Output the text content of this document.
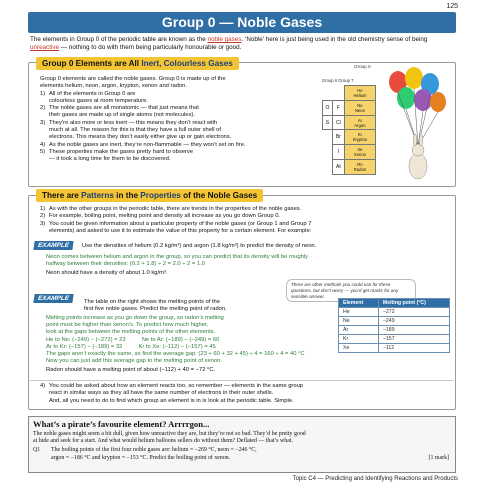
125
Group 0 — Noble Gases
The elements in Group 0 of the periodic table are known as the noble gases. ‘Noble’ here is just being used in the old chemistry sense of being unreactive — nothing to do with them being particularly honourable or good.
Group 0 Elements are All Inert, Colourless Gases
Group 0 elements are called the noble gases. Group 0 is made up of the
elements helium, neon, argon, krypton, xenon and radon.
1) All of the elements in Group 0 are
colourless gases at room temperature.
2) The noble gases are all monatomic — that just means that
their gases are made up of single atoms (not molecules).
3) They’re also more or less inert — this means they don’t react with
much at all. The reason for this is that they have a full outer shell of
electrons. This means they don’t easily either give up or gain electrons.
4) As the noble gases are inert, they’re non-flammable — they won’t set on fire.
5) These properties make the gases pretty hard to observe
— it took a long time for them to be discovered.
Group 0
Group 6 Group 7
		He
Helium
O	F	Ne
Neon
S	Cl	Ar
Argon
	Br	Kr
Krypton
	I	Xe
Xenon
	At	Rn
Radon
There are Patterns in the Properties of the Noble Gases
1) As with the other groups in the periodic table, there are trends in the properties of the noble gases.
2) For example, boiling point, melting point and density all increase as you go down Group 0.
3) You could be given information about a particular property of the noble gases (or Group 1 and Group 7
elements) and asked to use it to estimate the value of this property for a certain element. For example:
EXAMPLE	Use the densities of helium (0.2 kg/m³) and argon (1.8 kg/m³) to predict the density of neon.
Neon comes between helium and argon in the group, so you can predict that its density will be roughly
halfway between their densities: (0.2 + 1.8) ÷ 2 = 2.0 ÷ 2 = 1.0
Neon should have a density of about 1.0 kg/m³.
There are other methods you could use for these questions, but don’t worry — you’d get marks for any sensible answer.
EXAMPLE	The table on the right shows the melting points of the
first five noble gases. Predict the melting point of radon.
Melting points increase as you go down the group, so radon’s melting
point must be higher than xenon’s. To predict how much higher,
look at the gaps between the melting points of the other elements.
He to Ne: (−249) − (−272) = 23          Ne to Ar: (−189) − (−249) = 60
Ar to Kr: (−157) − (−189) = 32          Kr to Xe: (−112) − (−157) = 45
The gaps aren’t exactly the same, so find the average gap: (23 + 60 + 32 + 45) ÷ 4 = 160 ÷ 4 = 40 °C
Now you can just add this average gap to the melting point of xenon.
Radon should have a melting point of about (−112) + 40 = −72 °C.
Element	Melting point (°C)
He	−272
Ne	−249
Ar	−189
Kr	−157
Xe	−112
4) You could be asked about how an element reacts too, so remember — elements in the same group
react in similar ways as they all have the same number of electrons in their outer shells.
And, all you need to do to find which group an element is in is look at the periodic table. Simple.
What’s a pirate’s favourite element? Arrrrgon...
The noble gases might seem a bit dull, given how unreactive they are, but they’re not so bad. They’d be pretty good
at hide and seek for a start. And what would helium balloons sellers do without them? Deflated — that’s what.
Q1 The boiling points of the first four noble gases are: helium = −269 °C, neon = −246 °C,
argon = −186 °C and krypton = −153 °C. Predict the boiling point of xenon.	[1 mark]
Topic C4 — Predicting and Identifying Reactions and Products
